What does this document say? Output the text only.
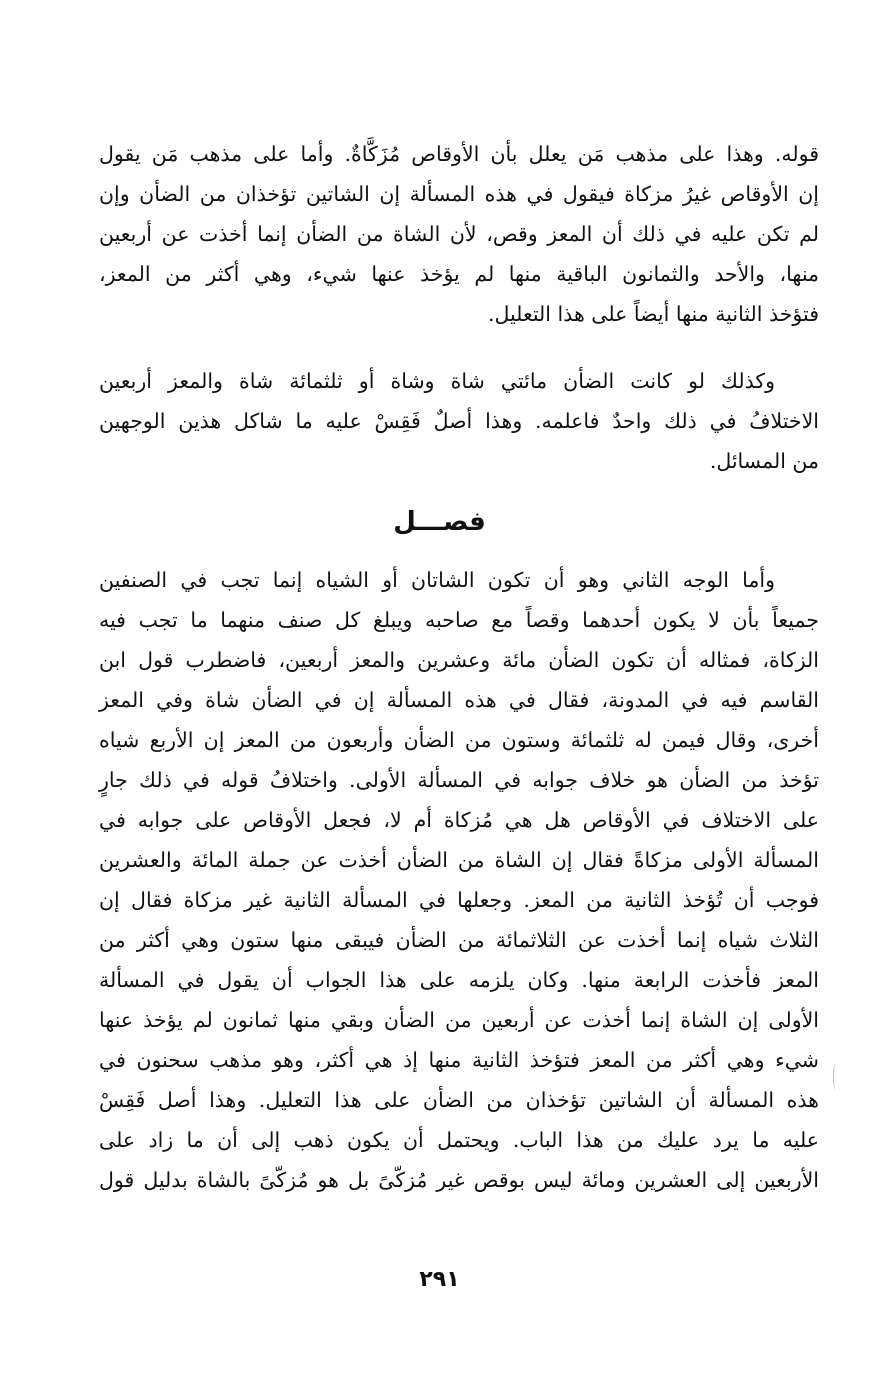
قوله. وهذا على مذهب مَن يعلل بأن الأوقاص مُزَكَّاةٌ. وأما على مذهب مَن يقول
إن الأوقاص غيرُ مزكاة فيقول في هذه المسألة إن الشاتين تؤخذان من الضأن وإن
لم تكن عليه في ذلك أن المعز وقص، لأن الشاة من الضأن إنما أخذت عن أربعين
منها، والأحد والثمانون الباقية منها لم يؤخذ عنها شيء، وهي أكثر من المعز،
فتؤخذ الثانية منها أيضاً على هذا التعليل.
وكذلك لو كانت الضأن مائتي شاة وشاة أو ثلثمائة شاة والمعز أربعين
الاختلافُ في ذلك واحدٌ فاعلمه. وهذا أصلٌ فَقِسْ عليه ما شاكل هذين الوجهين
من المسائل.
فصـــل
وأما الوجه الثاني وهو أن تكون الشاتان أو الشياه إنما تجب في الصنفين
جميعاً بأن لا يكون أحدهما وقصاً مع صاحبه ويبلغ كل صنف منهما ما تجب فيه
الزكاة، فمثاله أن تكون الضأن مائة وعشرين والمعز أربعين، فاضطرب قول ابن
القاسم فيه في المدونة، فقال في هذه المسألة إن في الضأن شاة وفي المعز
أخرى، وقال فيمن له ثلثمائة وستون من الضأن وأربعون من المعز إن الأربع شياه
تؤخذ من الضأن هو خلاف جوابه في المسألة الأولى. واختلافُ قوله في ذلك جارٍ
على الاختلاف في الأوقاص هل هي مُزكاة أم لا، فجعل الأوقاص على جوابه في
المسألة الأولى مزكاةً فقال إن الشاة من الضأن أخذت عن جملة المائة والعشرين
فوجب أن تُؤخذ الثانية من المعز. وجعلها في المسألة الثانية غير مزكاة فقال إن
الثلاث شياه إنما أخذت عن الثلاثمائة من الضأن فيبقى منها ستون وهي أكثر من
المعز فأخذت الرابعة منها. وكان يلزمه على هذا الجواب أن يقول في المسألة
الأولى إن الشاة إنما أخذت عن أربعين من الضأن وبقي منها ثمانون لم يؤخذ عنها
شيء وهي أكثر من المعز فتؤخذ الثانية منها إذ هي أكثر، وهو مذهب سحنون في
هذه المسألة أن الشاتين تؤخذان من الضأن على هذا التعليل. وهذا أصل فَقِسْ
عليه ما يرد عليك من هذا الباب. ويحتمل أن يكون ذهب إلى أن ما زاد على
الأربعين إلى العشرين ومائة ليس بوقص غير مُزكّىً بل هو مُزكّىً بالشاة بدليل قول
٢٩١
